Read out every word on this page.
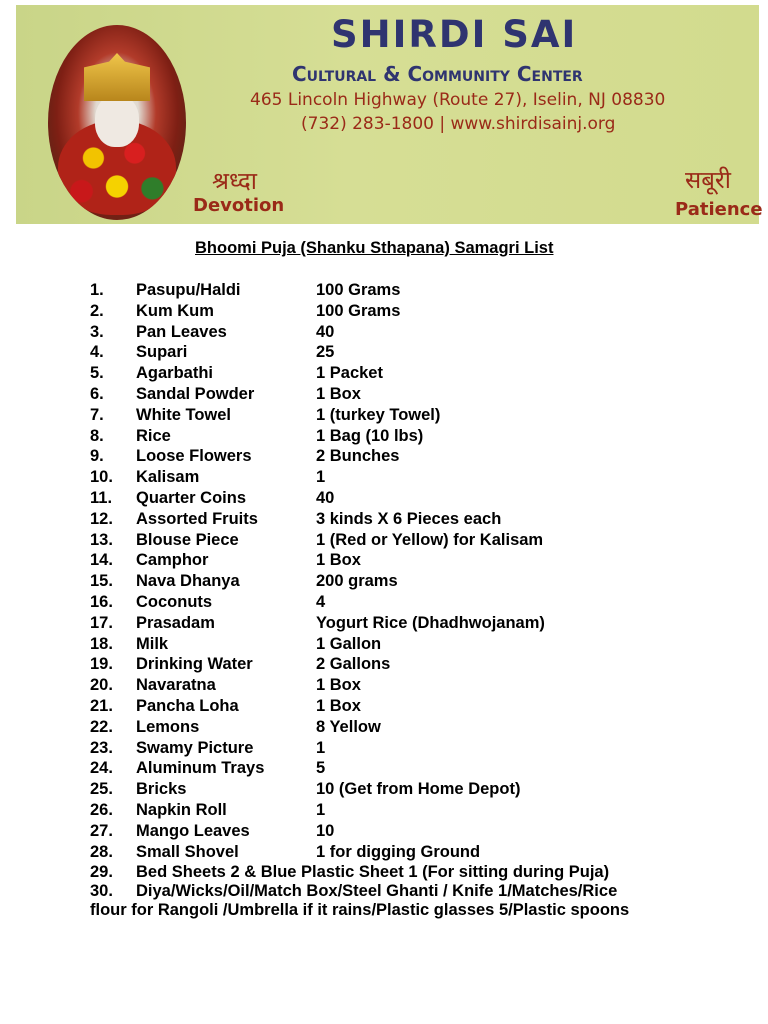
SHIRDI SAI
Cultural & Community Center
465 Lincoln Highway (Route 27), Iselin, NJ 08830
(732) 283-1800 | www.shirdisainj.org
श्रध्दा
Devotion
सबूरी
Patience
Bhoomi Puja (Shanku Sthapana) Samagri List
1. Pasupu/Haldi	100 Grams
2. Kum Kum	100 Grams
3. Pan Leaves	40
4. Supari	25
5. Agarbathi	1 Packet
6. Sandal Powder	1 Box
7. White Towel	1 (turkey Towel)
8. Rice	1 Bag (10 lbs)
9. Loose Flowers	2 Bunches
10. Kalisam	1
11. Quarter Coins	40
12. Assorted Fruits	3 kinds X 6 Pieces each
13. Blouse Piece	1 (Red or Yellow) for Kalisam
14. Camphor	1 Box
15. Nava Dhanya	200 grams
16. Coconuts	4
17. Prasadam	Yogurt Rice (Dhadhwojanam)
18. Milk	1 Gallon
19. Drinking Water	2 Gallons
20. Navaratna	1 Box
21. Pancha Loha	1 Box
22. Lemons	8 Yellow
23. Swamy Picture	1
24. Aluminum Trays	5
25. Bricks	10 (Get from Home Depot)
26. Napkin Roll	1
27. Mango Leaves	10
28. Small Shovel	1 for digging Ground
29. Bed Sheets 2 & Blue Plastic Sheet 1 (For sitting during Puja)
30. Diya/Wicks/Oil/Match Box/Steel Ghanti / Knife 1/Matches/Rice
flour for Rangoli /Umbrella if it rains/Plastic glasses 5/Plastic spoons
